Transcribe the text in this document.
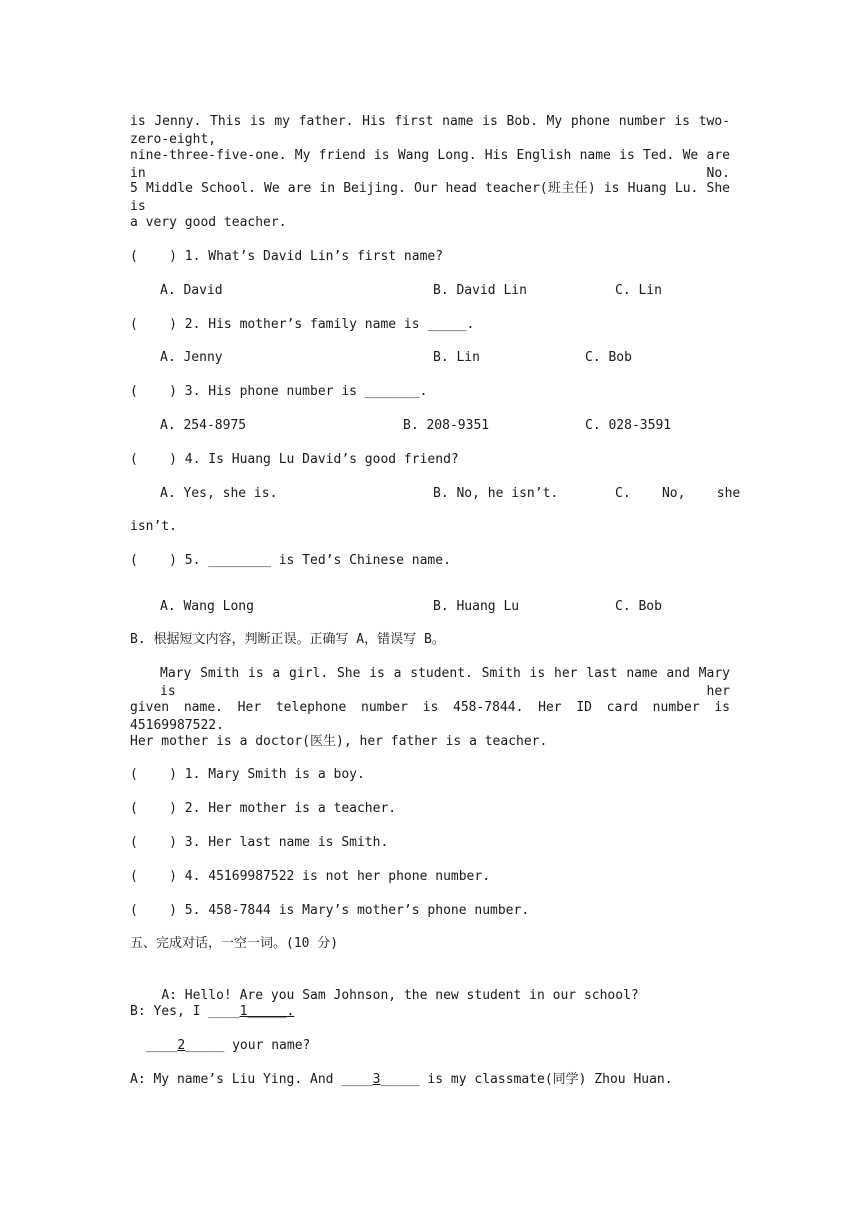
is Jenny. This is my father. His first name is Bob. My phone number is two-zero-eight,
nine-three-five-one. My friend is Wang Long. His English name is Ted. We are in No.
5 Middle School. We are in Beijing. Our head teacher(班主任) is Huang Lu. She is
a very good teacher.
(    ) 1. What’s David Lin’s first name?
A. David	B. David Lin	C. Lin
(    ) 2. His mother’s family name is _____.
A. Jenny	B. Lin	C. Bob
(    ) 3. His phone number is _______.
A. 254-8975	B. 208-9351	C. 028-3591
(    ) 4. Is Huang Lu David’s good friend?
A. Yes, she is.	B. No, he isn’t.	C.    No,    she
isn’t.
(    ) 5. ________ is Ted’s Chinese name.
A. Wang Long	B. Huang Lu	C. Bob
B. 根据短文内容，判断正误。正确写 A，错误写 B。
Mary Smith is a girl. She is a student. Smith is her last name and Mary is her
given name. Her telephone number is 458-7844. Her ID card number is 45169987522.
Her mother is a doctor(医生), her father is a teacher.
(    ) 1. Mary Smith is a boy.
(    ) 2. Her mother is a teacher.
(    ) 3. Her last name is Smith.
(    ) 4. 45169987522 is not her phone number.
(    ) 5. 458-7844 is Mary’s mother’s phone number.
五、完成对话，一空一词。(10 分)

A: Hello! Are you Sam Johnson, the new student in our school?

B: Yes, I ____1_____.
____2_____ your name?
A: My name’s Liu Ying. And ____3_____ is my classmate(同学) Zhou Huan.
